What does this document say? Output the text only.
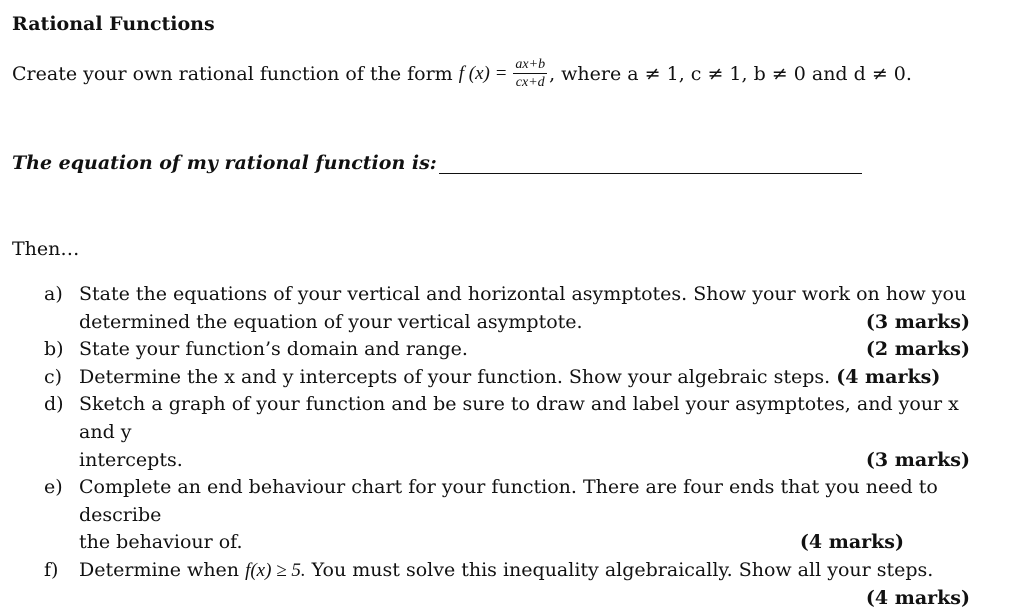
Rational Functions
Create your own rational function of the form f $(x) = \frac{ax+b}{cx+d}$ , where a ≠ 1, c ≠ 1, b ≠ 0 and d ≠ 0.
The equation of my rational function is:
Then…
a) State the equations of your vertical and horizontal asymptotes. Show your work on how you
determined the equation of your vertical asymptote.	(3 marks)
b) State your function’s domain and range.	(2 marks)
c) Determine the x and y intercepts of your function. Show your algebraic steps. (4 marks)
d) Sketch a graph of your function and be sure to draw and label your asymptotes, and your x and y
intercepts.	(3 marks)
e) Complete an end behaviour chart for your function. There are four ends that you need to describe
the behaviour of.	(4 marks)
f) Determine when f(x) ≥ 5. You must solve this inequality algebraically. Show all your steps.
(4 marks)
